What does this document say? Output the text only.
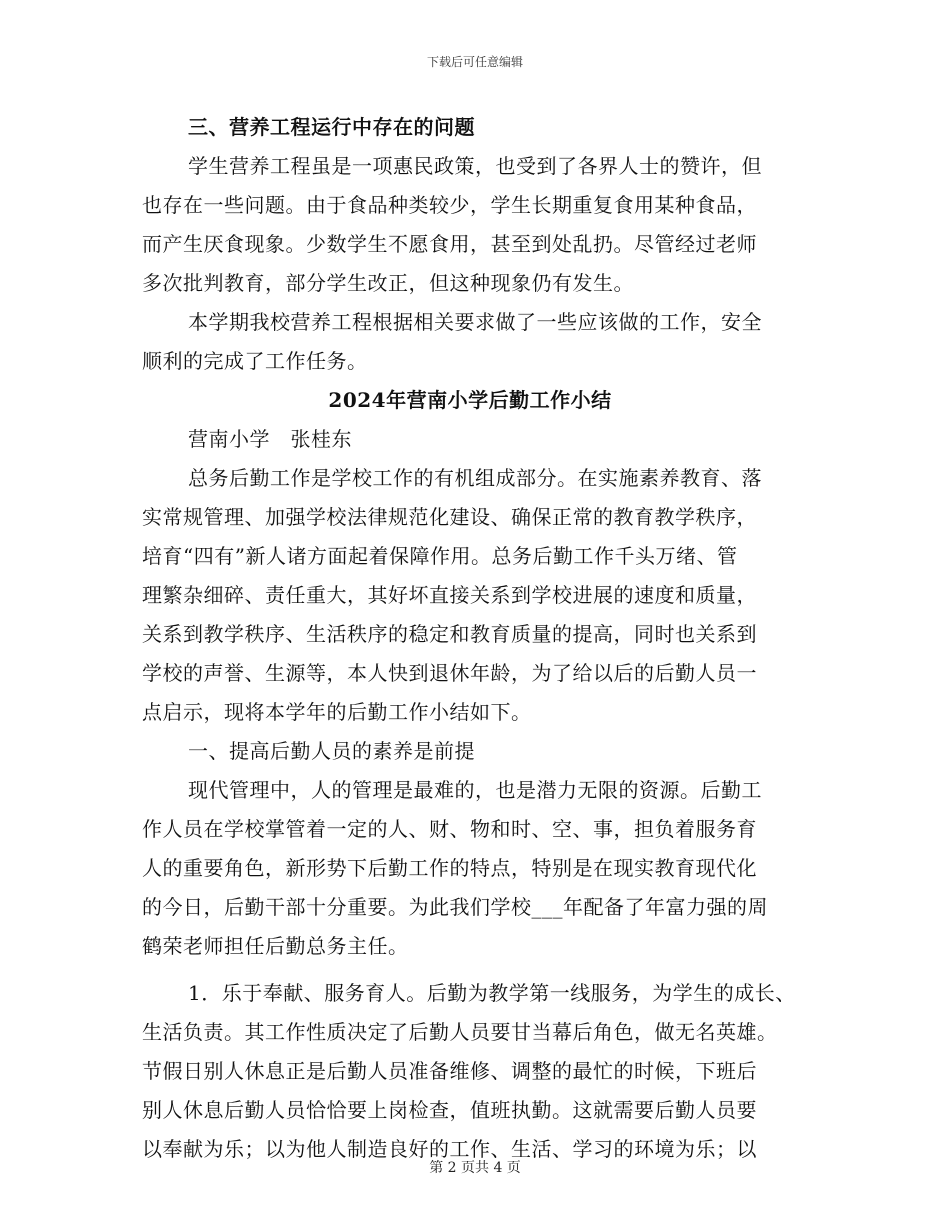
下载后可任意编辑
三、营养工程运行中存在的问题
学生营养工程虽是一项惠民政策，也受到了各界人士的赞许，但
也存在一些问题。由于食品种类较少，学生长期重复食用某种食品，
而产生厌食现象。少数学生不愿食用，甚至到处乱扔。尽管经过老师
多次批判教育，部分学生改正，但这种现象仍有发生。
本学期我校营养工程根据相关要求做了一些应该做的工作，安全
顺利的完成了工作任务。
2024年营南小学后勤工作小结
营南小学　张桂东
总务后勤工作是学校工作的有机组成部分。在实施素养教育、落
实常规管理、加强学校法律规范化建设、确保正常的教育教学秩序，
培育“四有”新人诸方面起着保障作用。总务后勤工作千头万绪、管
理繁杂细碎、责任重大，其好坏直接关系到学校进展的速度和质量，
关系到教学秩序、生活秩序的稳定和教育质量的提高，同时也关系到
学校的声誉、生源等，本人快到退休年龄，为了给以后的后勤人员一
点启示，现将本学年的后勤工作小结如下。
一、提高后勤人员的素养是前提
现代管理中，人的管理是最难的，也是潜力无限的资源。后勤工
作人员在学校掌管着一定的人、财、物和时、空、事，担负着服务育
人的重要角色，新形势下后勤工作的特点，特别是在现实教育现代化
的今日，后勤干部十分重要。为此我们学校___年配备了年富力强的周
鹤荣老师担任后勤总务主任。
1．乐于奉献、服务育人。后勤为教学第一线服务，为学生的成长、
生活负责。其工作性质决定了后勤人员要甘当幕后角色，做无名英雄。
节假日别人休息正是后勤人员准备维修、调整的最忙的时候，下班后
别人休息后勤人员恰恰要上岗检查，值班执勤。这就需要后勤人员要
以奉献为乐；以为他人制造良好的工作、生活、学习的环境为乐；以
第 2 页共 4 页
